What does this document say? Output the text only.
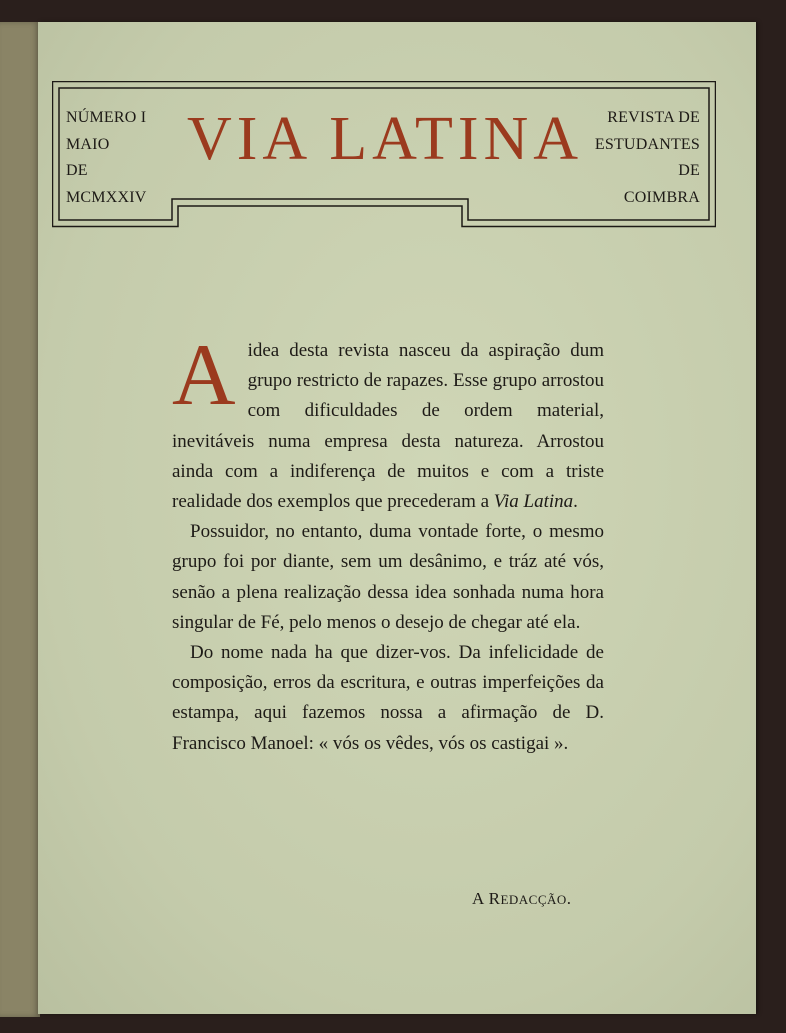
NÚMERO I
MAIO
DE
MCMXXIV
VIA LATINA	REVISTA DE
ESTUDANTES
DE
COIMBRA

Aidea desta revista nasceu da aspiração dum grupo restricto de rapazes. Esse grupo arrostou com dificuldades de ordem material, inevitáveis numa empresa desta natureza. Arrostou ainda com a indiferença de muitos e com a triste realidade dos exemplos que precederam a Via Latina.

Possuidor, no entanto, duma vontade forte, o mesmo grupo foi por diante, sem um desânimo, e tráz até vós, senão a plena realização dessa idea sonhada numa hora singular de Fé, pelo menos o desejo de chegar até ela.

Do nome nada ha que dizer-vos. Da infelicidade de composição, erros da escritura, e outras imperfeições da estampa, aqui fazemos nossa a afirmação de D. Francisco Manoel: « vós os vêdes, vós os castigai ».

A REDACÇÃO.
